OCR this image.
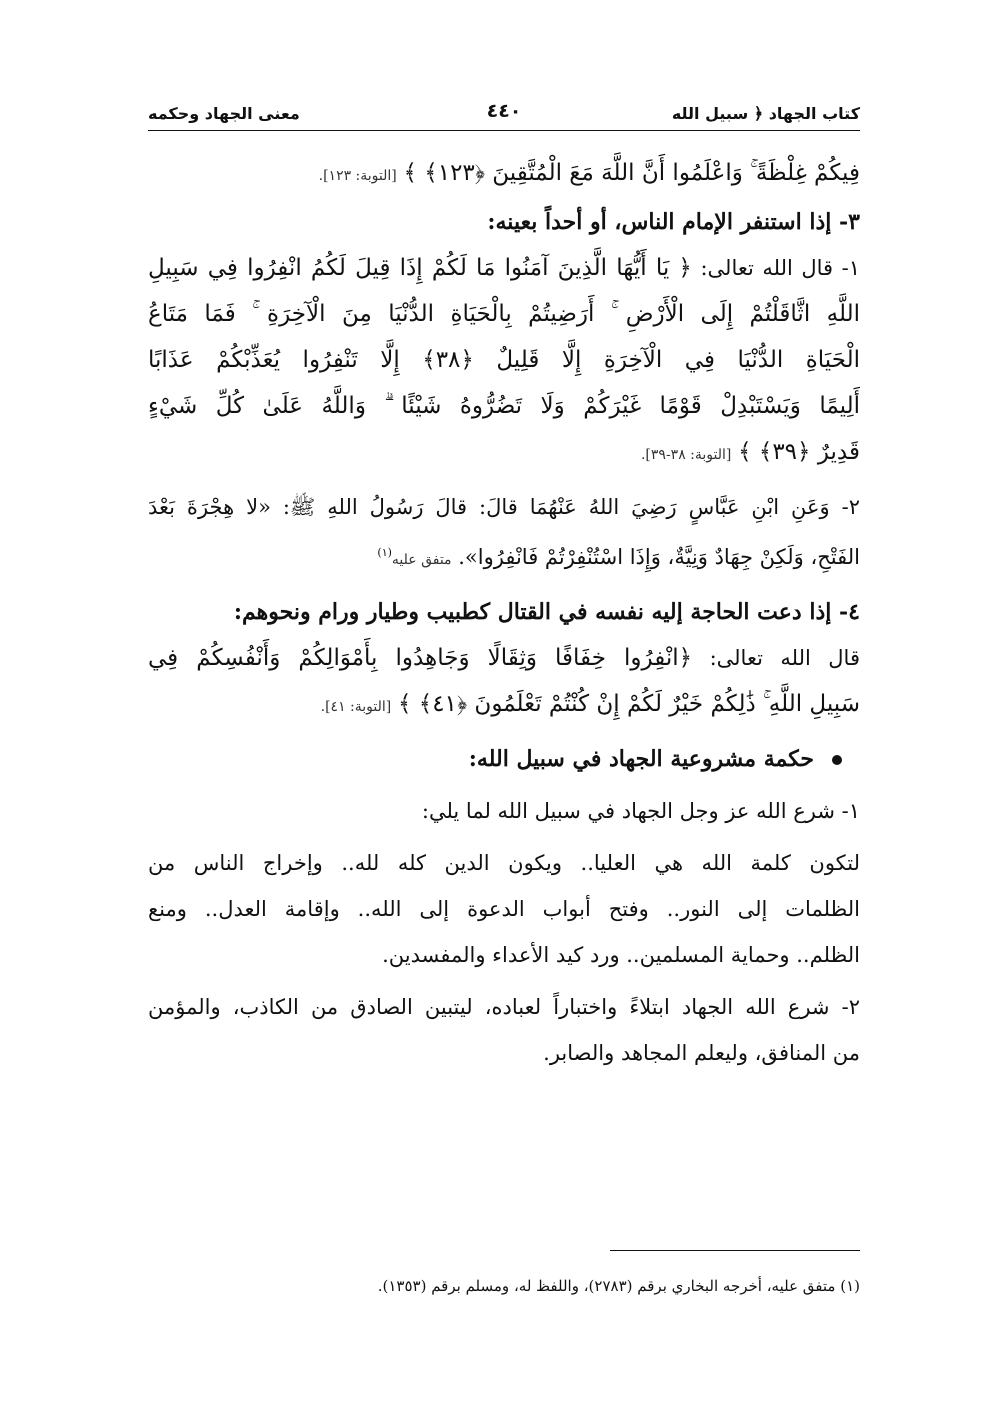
كتاب الجهاد ﴿ سبيل الله
٤٤٠
معنى الجهاد وحكمه
فِيكُمْ غِلْظَةً ۚ وَاعْلَمُوا أَنَّ اللَّهَ مَعَ الْمُتَّقِينَ ﴿١٢٣﴾ ﴾ [التوبة: ١٢٣].
٣- إذا استنفر الإمام الناس، أو أحداً بعينه:
١- قال الله تعالى: ﴿ يَا أَيُّهَا الَّذِينَ آمَنُوا مَا لَكُمْ إِذَا قِيلَ لَكُمُ انْفِرُوا فِي سَبِيلِ
اللَّهِ اثَّاقَلْتُمْ إِلَى الْأَرْضِ ۚ أَرَضِيتُمْ بِالْحَيَاةِ الدُّنْيَا مِنَ الْآخِرَةِ ۚ فَمَا مَتَاعُ
الْحَيَاةِ الدُّنْيَا فِي الْآخِرَةِ إِلَّا قَلِيلٌ ﴿٣٨﴾ إِلَّا تَنْفِرُوا يُعَذِّبْكُمْ عَذَابًا
أَلِيمًا وَيَسْتَبْدِلْ قَوْمًا غَيْرَكُمْ وَلَا تَضُرُّوهُ شَيْئًا ۗ وَاللَّهُ عَلَىٰ كُلِّ شَيْءٍ
قَدِيرٌ ﴿٣٩﴾ ﴾ [التوبة: ٣٨-٣٩].
٢- وَعَنِ ابْنِ عَبَّاسٍ رَضِيَ اللهُ عَنْهُمَا قالَ: قالَ رَسُولُ اللهِ ﷺ: «لا هِجْرَةَ بَعْدَ
الفَتْحِ، وَلَكِنْ جِهَادٌ وَنِيَّةٌ، وَإِذَا اسْتُنْفِرْتُمْ فَانْفِرُوا». متفق عليه$^{(١)}$
٤- إذا دعت الحاجة إليه نفسه في القتال كطبيب وطيار ورام ونحوهم:
قال الله تعالى: ﴿انْفِرُوا خِفَافًا وَثِقَالًا وَجَاهِدُوا بِأَمْوَالِكُمْ وَأَنْفُسِكُمْ فِي
سَبِيلِ اللَّهِ ۚ ذَٰلِكُمْ خَيْرٌ لَكُمْ إِنْ كُنْتُمْ تَعْلَمُونَ ﴿٤١﴾ ﴾ [التوبة: ٤١].
حكمة مشروعية الجهاد في سبيل الله:
١- شرع الله عز وجل الجهاد في سبيل الله لما يلي:
لتكون كلمة الله هي العليا.. ويكون الدين كله لله.. وإخراج الناس من
الظلمات إلى النور.. وفتح أبواب الدعوة إلى الله.. وإقامة العدل.. ومنع
الظلم.. وحماية المسلمين.. ورد كيد الأعداء والمفسدين.
٢- شرع الله الجهاد ابتلاءً واختباراً لعباده، ليتبين الصادق من الكاذب، والمؤمن
من المنافق، وليعلم المجاهد والصابر.
(١) متفق عليه، أخرجه البخاري برقم (٢٧٨٣)، واللفظ له، ومسلم برقم (١٣٥٣).
